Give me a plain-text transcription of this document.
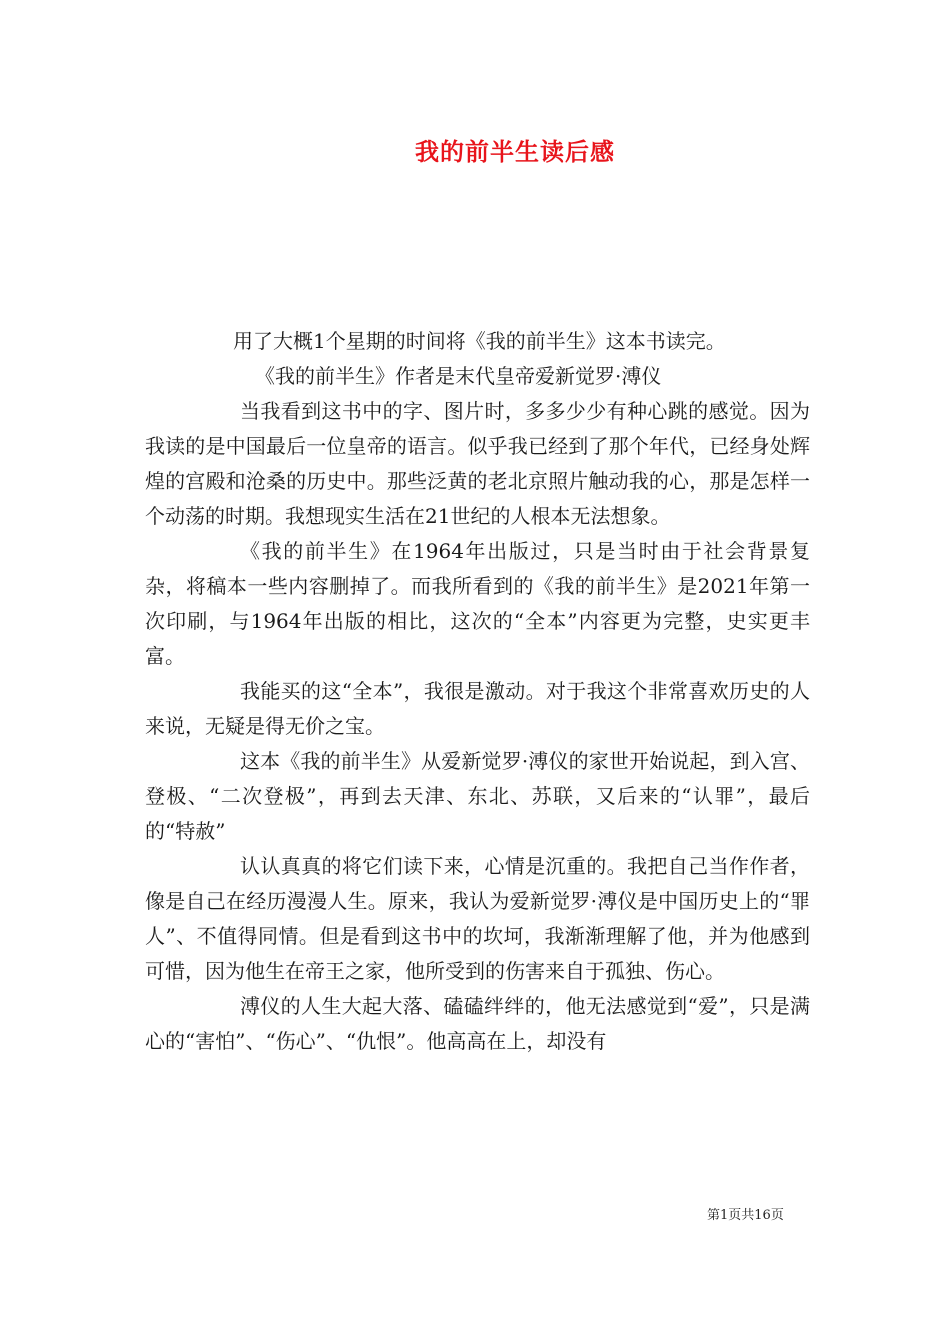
我的前半生读后感

用了大概1个星期的时间将《我的前半生》这本书读完。

《我的前半生》作者是末代皇帝爱新觉罗·溥仪

当我看到这书中的字、图片时，多多少少有种心跳的感觉。因为我读的是中国最后一位皇帝的语言。似乎我已经到了那个年代，已经身处辉煌的宫殿和沧桑的历史中。那些泛黄的老北京照片触动我的心，那是怎样一个动荡的时期。我想现实生活在21世纪的人根本无法想象。

《我的前半生》在1964年出版过，只是当时由于社会背景复杂，将稿本一些内容删掉了。而我所看到的《我的前半生》是2021年第一次印刷，与1964年出版的相比，这次的“全本”内容更为完整，史实更丰富。

我能买的这“全本”，我很是激动。对于我这个非常喜欢历史的人来说，无疑是得无价之宝。

这本《我的前半生》从爱新觉罗·溥仪的家世开始说起，到入宫、登极、“二次登极”，再到去天津、东北、苏联，又后来的“认罪”，最后的“特赦”

认认真真的将它们读下来，心情是沉重的。我把自己当作作者，像是自己在经历漫漫人生。原来，我认为爱新觉罗·溥仪是中国历史上的“罪人”、不值得同情。但是看到这书中的坎坷，我渐渐理解了他，并为他感到可惜，因为他生在帝王之家，他所受到的伤害来自于孤独、伤心。

溥仪的人生大起大落、磕磕绊绊的，他无法感觉到“爱”，只是满心的“害怕”、“伤心”、“仇恨”。他高高在上，却没有

第1页共16页
